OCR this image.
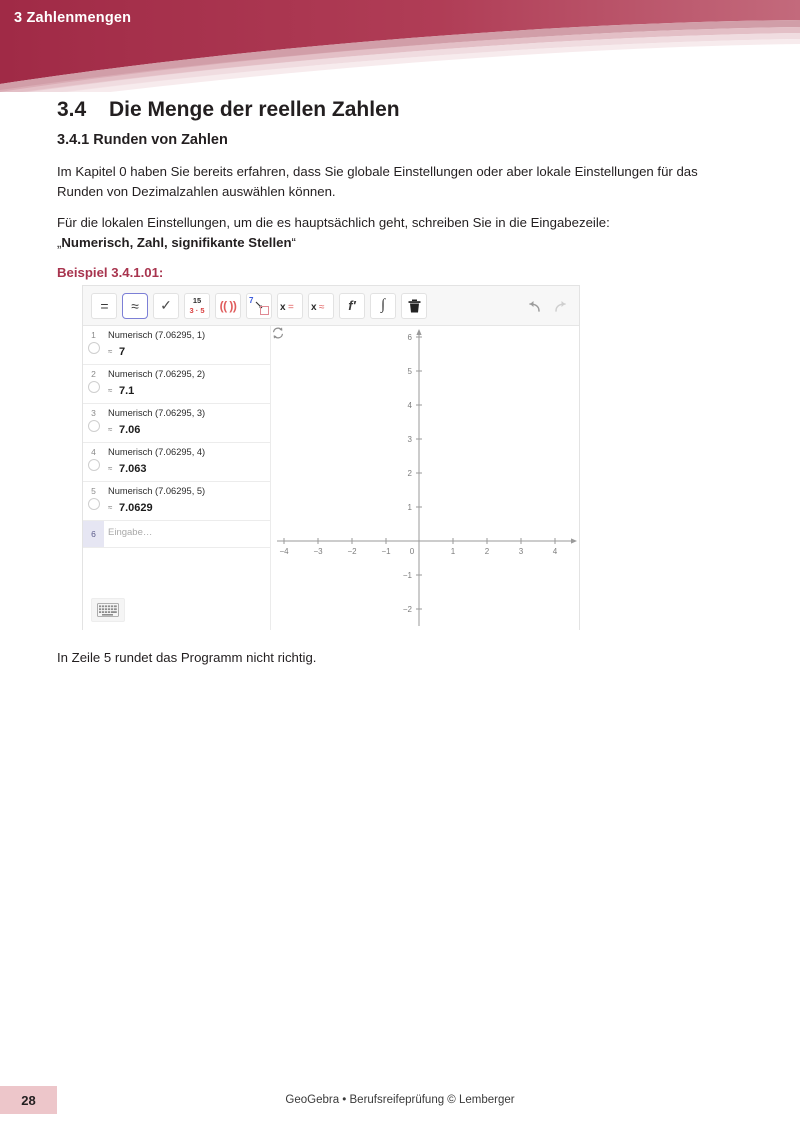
3 Zahlenmengen
3.4 Die Menge der reellen Zahlen
3.4.1 Runden von Zahlen

Im Kapitel 0 haben Sie bereits erfahren, dass Sie globale Einstellungen oder aber lokale Einstellungen für das Runden von Dezimalzahlen auswählen können.

Für die lokalen Einstellungen, um die es hauptsächlich geht, schreiben Sie in die Eingabezeile:
„Numerisch, Zahl, signifikante Stellen“

Beispiel 3.4.1.01:

= ≈ ✓	15
3 · 5 (( )) 7
x = x ≈ f′ ∫
1	Numerisch (7.06295, 1)
≈ 7
2	Numerisch (7.06295, 2)
≈ 7.1
3	Numerisch (7.06295, 3)
≈ 7.06
4	Numerisch (7.06295, 4)
≈ 7.063
5	Numerisch (7.06295, 5)
≈ 7.0629
6 Eingabe…
−4	−3	−2	−1 0	1	2	3	4
6
5
4
3
2
1
−1
−2

In Zeile 5 rundet das Programm nicht richtig.

GeoGebra • Berufsreifeprüfung © Lemberger
28
